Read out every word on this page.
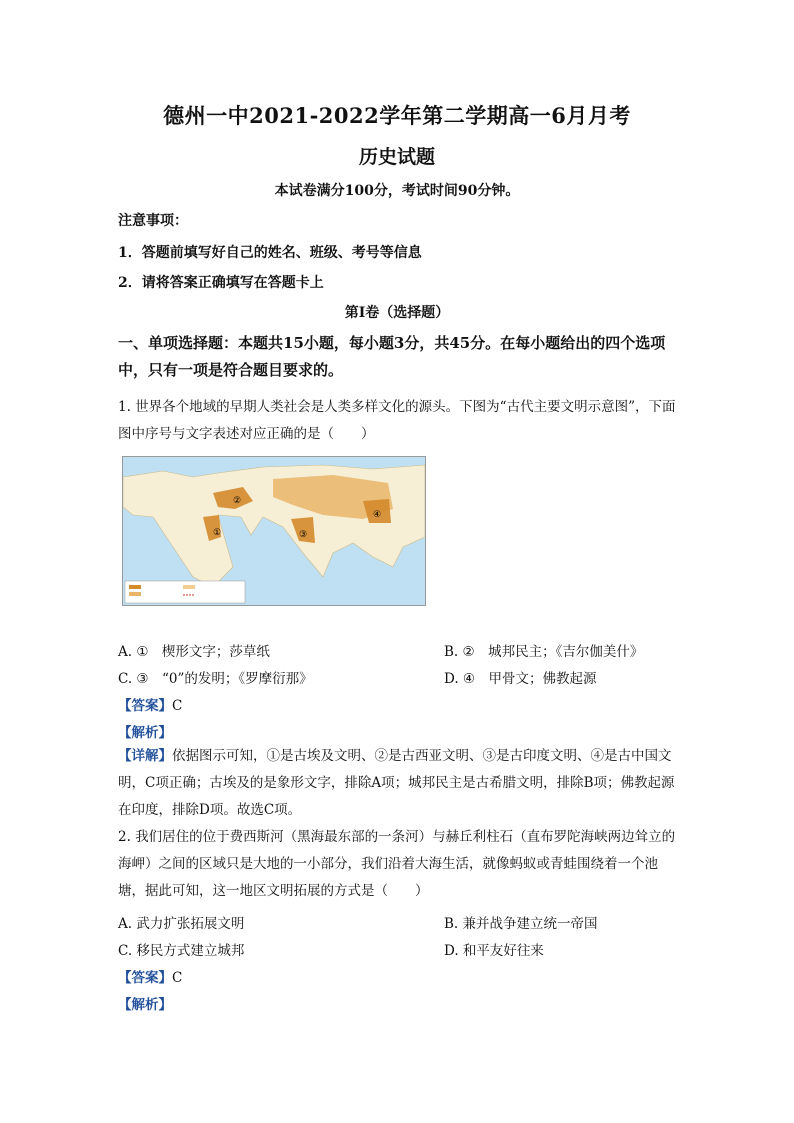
德州一中2021-2022学年第二学期高一6月月考
历史试题
本试卷满分100分，考试时间90分钟。
注意事项：
1．答题前填写好自己的姓名、班级、考号等信息
2．请将答案正确填写在答题卡上
第I卷（选择题）
一、单项选择题：本题共15小题，每小题3分，共45分。在每小题给出的四个选项中，只有一项是符合题目要求的。
1. 世界各个地域的早期人类社会是人类多样文化的源头。下图为“古代主要文明示意图”，下面图中序号与文字表述对应正确的是（　　）
②
①	③
④
A. ①　楔形文字；莎草纸	B. ②　城邦民主；《吉尔伽美什》
C. ③　“0”的发明；《罗摩衍那》	D. ④　甲骨文；佛教起源
【答案】C
【解析】
【详解】依据图示可知，①是古埃及文明、②是古西亚文明、③是古印度文明、④是古中国文明，C项正确；古埃及的是象形文字，排除A项；城邦民主是古希腊文明，排除B项；佛教起源在印度，排除D项。故选C项。
2. 我们居住的位于费西斯河（黑海最东部的一条河）与赫丘利柱石（直布罗陀海峡两边耸立的海岬）之间的区域只是大地的一小部分，我们沿着大海生活，就像蚂蚁或青蛙围绕着一个池塘，据此可知，这一地区文明拓展的方式是（　　）
A. 武力扩张拓展文明	B. 兼并战争建立统一帝国
C. 移民方式建立城邦	D. 和平友好往来
【答案】C
【解析】
